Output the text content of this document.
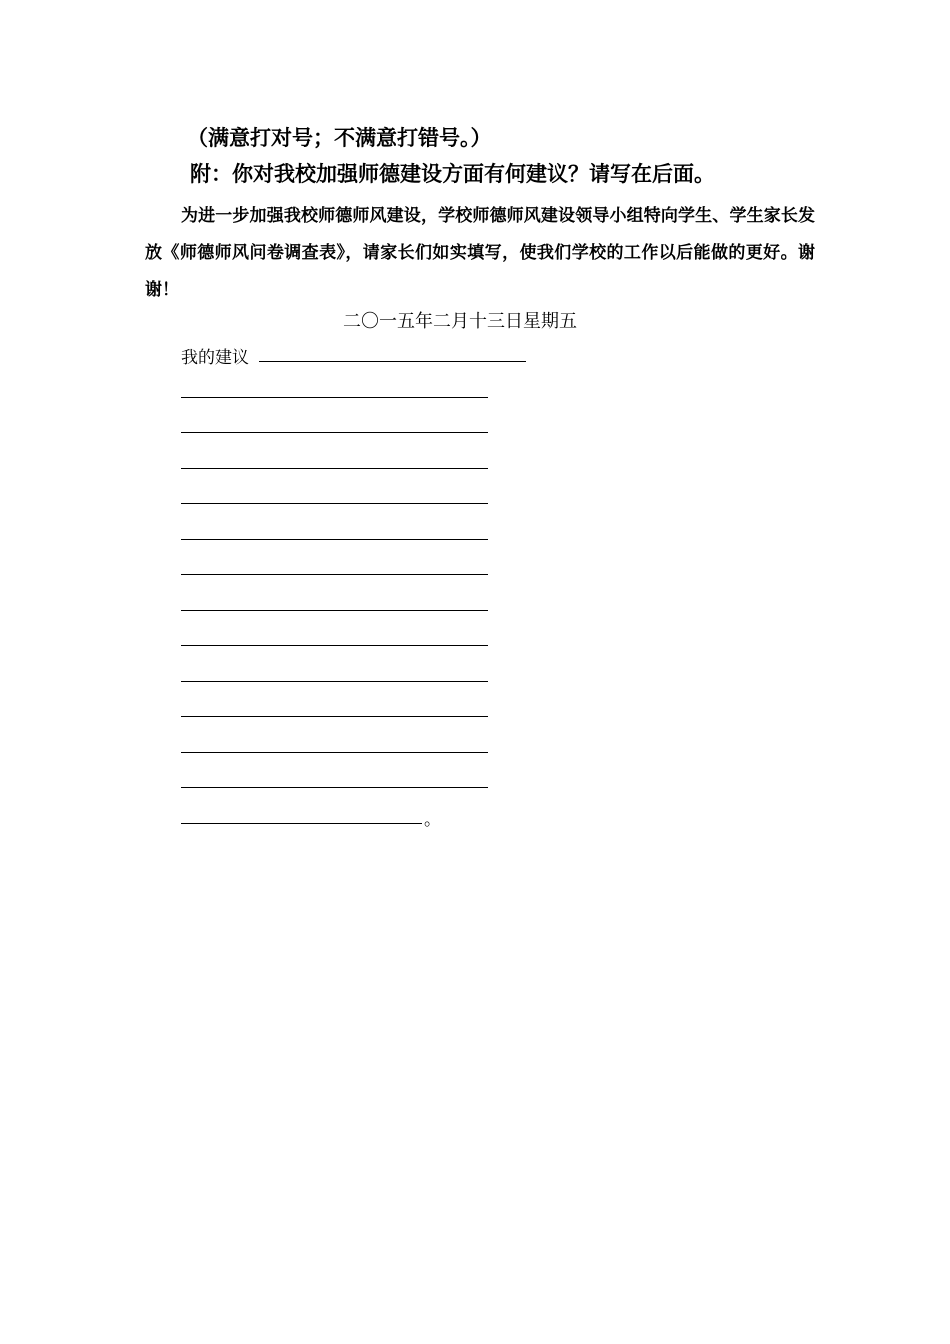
（满意打对号；不满意打错号。）
附：你对我校加强师德建设方面有何建议？请写在后面。
为进一步加强我校师德师风建设，学校师德师风建设领导小组特向学生、学生家长发放《师德师风问卷调查表》，请家长们如实填写，使我们学校的工作以后能做的更好。谢谢！
二〇一五年二月十三日星期五
我的建议
。
